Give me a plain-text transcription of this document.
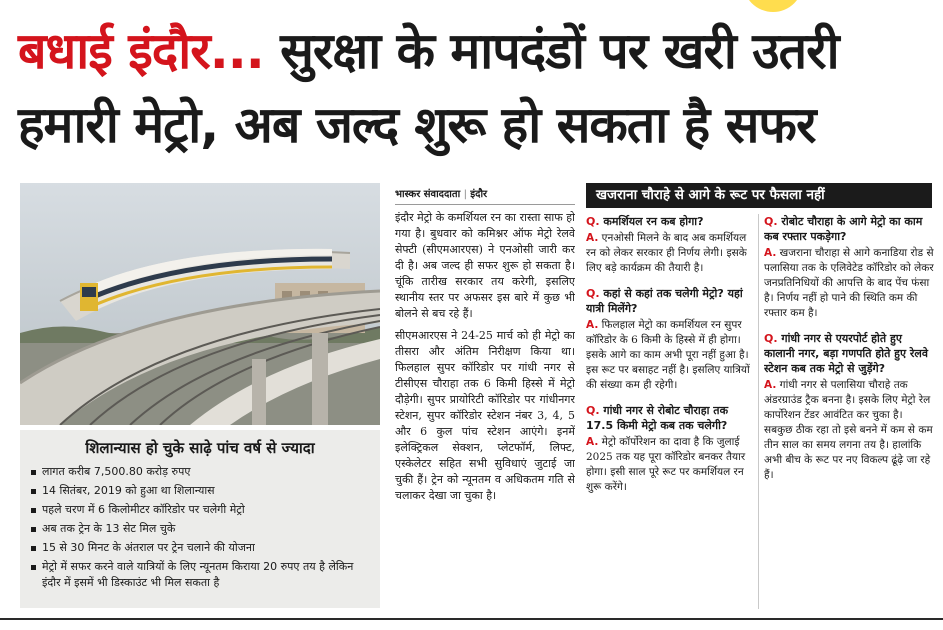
बधाई इंदौर... सुरक्षा के मापदंडों पर खरी उतरी
हमारी मेट्रो, अब जल्द शुरू हो सकता है सफर
शिलान्यास हो चुके साढ़े पांच वर्ष से ज्यादा
लागत करीब 7,500.80 करोड़ रुपए
14 सितंबर, 2019 को हुआ था शिलान्यास
पहले चरण में 6 किलोमीटर कॉरिडोर पर चलेगी मेट्रो
अब तक ट्रेन के 13 सेट मिल चुके
15 से 30 मिनट के अंतराल पर ट्रेन चलाने की योजना
मेट्रो में सफर करने वाले यात्रियों के लिए न्यूनतम किराया 20 रुपए तय है लेकिन इंदौर में इसमें भी डिस्काउंट भी मिल सकता है
भास्कर संवाददाता | इंदौर

इंदौर मेट्रो के कमर्शियल रन का रास्ता साफ हो गया है। बुधवार को कमिश्नर ऑफ मेट्रो रेलवे सेफ्टी (सीएमआरएस) ने एनओसी जारी कर दी है। अब जल्द ही सफर शुरू हो सकता है। चूंकि तारीख सरकार तय करेगी, इसलिए स्थानीय स्तर पर अफसर इस बारे में कुछ भी बोलने से बच रहे हैं।

सीएमआरएस ने 24-25 मार्च को ही मेट्रो का तीसरा और अंतिम निरीक्षण किया था। फिलहाल सुपर कॉरिडोर पर गांधी नगर से टीसीएस चौराहा तक 6 किमी हिस्से में मेट्रो दौड़ेगी। सुपर प्रायोरिटी कॉरिडोर पर गांधीनगर स्टेशन, सुपर कॉरिडोर स्टेशन नंबर 3, 4, 5 और 6 कुल पांच स्टेशन आएंगे। इनमें इलेक्ट्रिकल सेक्शन, प्लेटफॉर्म, लिफ्ट, एस्केलेटर सहित सभी सुविधाएं जुटाई जा चुकी हैं। ट्रेन को न्यूनतम व अधिकतम गति से चलाकर देखा जा चुका है।

खजराना चौराहे से आगे के रूट पर फैसला नहीं
Q. कमर्शियल रन कब होगा?
A. एनओसी मिलने के बाद अब कमर्शियल रन को लेकर सरकार ही निर्णय लेगी। इसके लिए बड़े कार्यक्रम की तैयारी है।
Q. कहां से कहां तक चलेगी मेट्रो? यहां यात्री मिलेंगे?
A. फिलहाल मेट्रो का कमर्शियल रन सुपर कॉरिडोर के 6 किमी के हिस्से में ही होगा। इसके आगे का काम अभी पूरा नहीं हुआ है। इस रूट पर बसाहट नहीं है। इसलिए यात्रियों की संख्या कम ही रहेगी।
Q. गांधी नगर से रोबोट चौराहा तक 17.5 किमी मेट्रो कब तक चलेगी?
A. मेट्रो कॉर्पोरेशन का दावा है कि जुलाई 2025 तक यह पूरा कॉरिडोर बनकर तैयार होगा। इसी साल पूरे रूट पर कमर्शियल रन शुरू करेंगे।
Q. रोबोट चौराहा के आगे मेट्रो का काम कब रफ्तार पकड़ेगा?
A. खजराना चौराहा से आगे कनाडिया रोड से पलासिया तक के एलिवेटेड कॉरिडोर को लेकर जनप्रतिनिधियों की आपत्ति के बाद पेंच फंसा है। निर्णय नहीं हो पाने की स्थिति कम की रफ्तार कम है।
Q. गांधी नगर से एयरपोर्ट होते हुए कालानी नगर, बड़ा गणपति होते हुए रेलवे स्टेशन कब तक मेट्रो से जुड़ेंगे?
A. गांधी नगर से पलासिया चौराहे तक अंडरग्राउंड ट्रैक बनना है। इसके लिए मेट्रो रेल कार्पोरेशन टेंडर आवंटित कर चुका है। सबकुछ ठीक रहा तो इसे बनने में कम से कम तीन साल का समय लगना तय है। हालांकि अभी बीच के रूट पर नए विकल्प ढूंढ़े जा रहे हैं।
